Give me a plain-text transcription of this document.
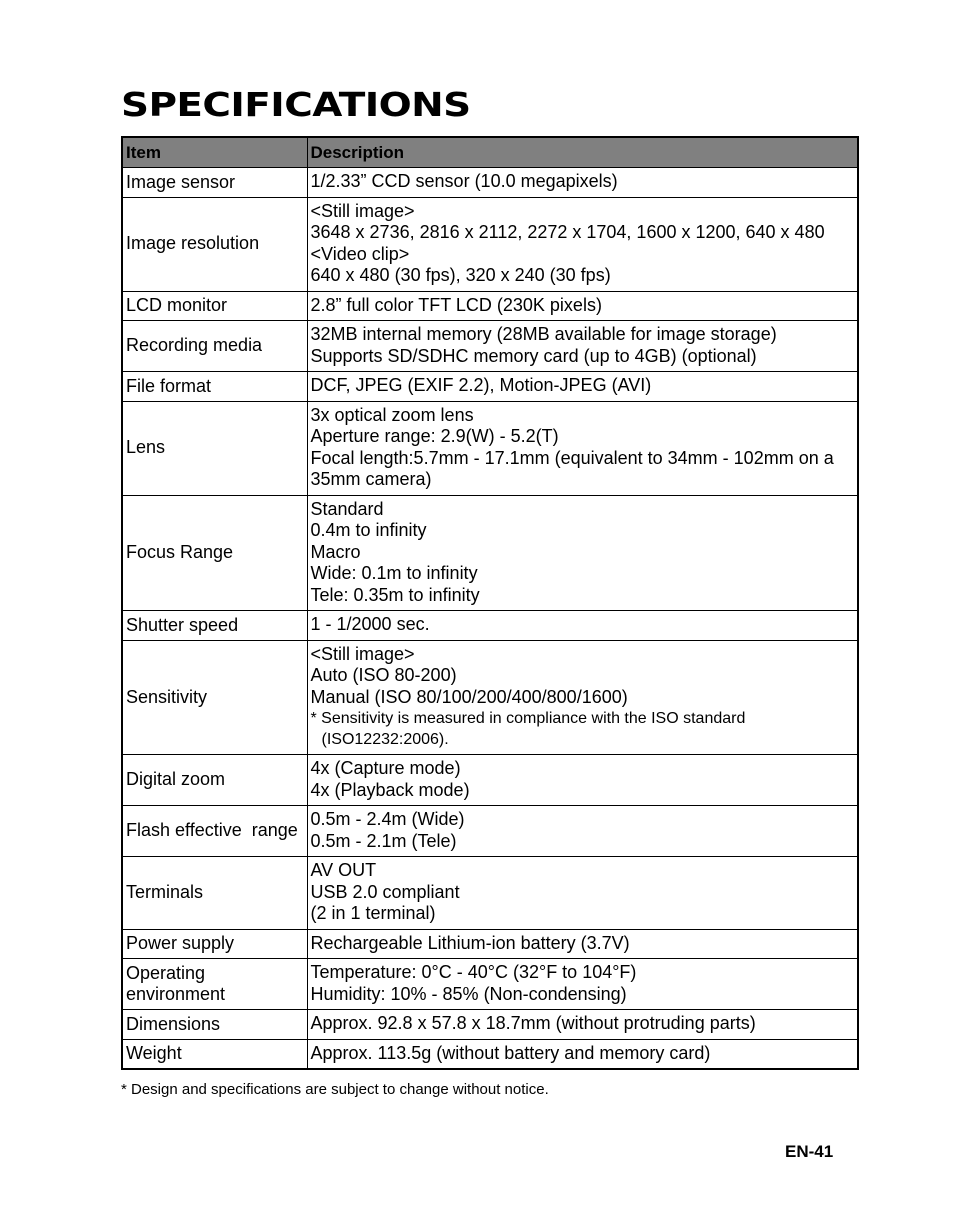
SPECIFICATIONS
Item	Description
Image sensor	1/2.33” CCD sensor (10.0 megapixels)

Image resolution	<Still image>
3648 x 2736, 2816 x 2112, 2272 x 1704, 1600 x 1200, 640 x 480
<Video clip>
640 x 480 (30 fps), 320 x 240 (30 fps)

LCD monitor	2.8” full color TFT LCD (230K pixels)

Recording media	32MB internal memory (28MB available for image storage)
Supports SD/SDHC memory card (up to 4GB) (optional)

File format	DCF, JPEG (EXIF 2.2), Motion-JPEG (AVI)

Lens	3x optical zoom lens
Aperture range: 2.9(W) - 5.2(T)
Focal length:5.7mm - 17.1mm (equivalent to 34mm - 102mm on a
35mm camera)

Focus Range	Standard
0.4m to infinity
Macro
Wide: 0.1m to infinity
Tele: 0.35m to infinity

Shutter speed	1 - 1/2000 sec.

Sensitivity	<Still image>
Auto (ISO 80-200)
Manual (ISO 80/100/200/400/800/1600)
* Sensitivity is measured in compliance with the ISO standard
(ISO12232:2006).

Digital zoom	4x (Capture mode)
4x (Playback mode)

Flash effective  range	0.5m - 2.4m (Wide)
0.5m - 2.1m (Tele)

Terminals	AV OUT
USB 2.0 compliant
(2 in 1 terminal)

Power supply	Rechargeable Lithium-ion battery (3.7V)

Operating
environment	Temperature: 0°C - 40°C (32°F to 104°F)
Humidity: 10% - 85% (Non-condensing)

Dimensions	Approx. 92.8 x 57.8 x 18.7mm (without protruding parts)

Weight	Approx. 113.5g (without battery and memory card)
* Design and specifications are subject to change without notice.
EN-41
